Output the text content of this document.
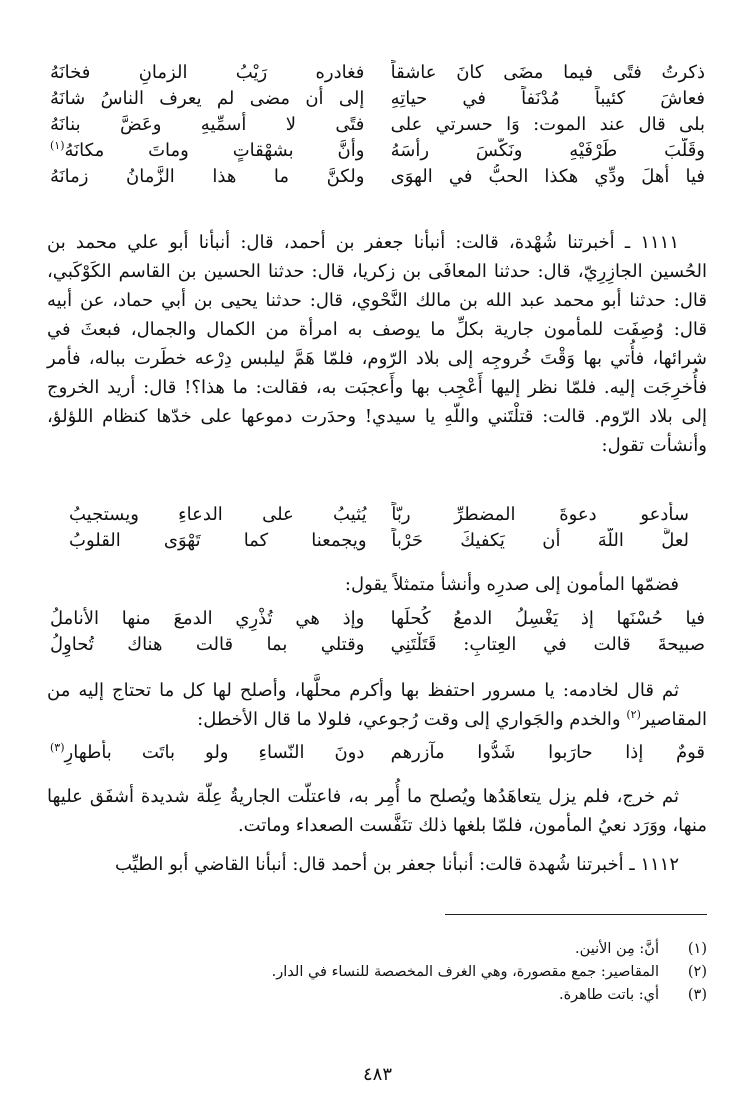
ذكرتُ فتًى فيما مضَى كانَ عاشقاً
فغادره رَيْبُ الزمانِ فخانَهُ
فعاشَ كئيباً مُدْنَفاً في حياتِهِ
إلى أن مضى لم يعرف الناسُ شانَهُ
بلى قال عند الموت: وَا حسرتي على
فتًى لا أسمِّيهِ وعَضَّ بنانَهُ
وقَلَّبَ طَرْفَيْهِ ونَكَّسَ رأسَهُ
وأنَّ بشهْقاتٍ وماتَ مكانَهُ$^{(١)}$
فيا أهلَ ودِّي هكذا الحبُّ في الهوَى
ولكنَّ ما هذا الزَّمانُ زمانَهُ

١١١١ ـ أخبرتنا شُهْدة، قالت: أنبأنا جعفر بن أحمد، قال: أنبأنا أبو علي محمد بن الحُسين الجازِرِيّ، قال: حدثنا المعافَى بن زكريا، قال: حدثنا الحسين بن القاسم الكَوْكَبي، قال: حدثنا أبو محمد عبد الله بن مالك النَّحْوي، قال: حدثنا يحيى بن أبي حماد، عن أبيه قال: وُصِفَت للمأمون جارية بكلِّ ما يوصف به امرأة من الكمال والجمال، فبعثَ في شرائها، فأُتي بها وَقْتَ خُروجِه إلى بلاد الرّوم، فلمّا هَمَّ ليلبس دِرْعه خطَرت بباله، فأمر فأُخرِجَت إليه. فلمّا نظر إليها أَعْجِب بها وأَعجبَت به، فقالت: ما هذا؟! قال: أريد الخروج إلى بلاد الرّوم. قالت: قتلْتَني واللّهِ يا سيدي! وحدَرت دموعها على خدّها كنظام اللؤلؤ، وأنشأت تقول:

سأدعو دعوةَ المضطرِّ ربّاً
يُثيبُ على الدعاءِ ويستجيبُ
لعلَّ اللّهَ أن يَكفيكَ حَرْباً
ويجمعنا كما تَهْوَى القلوبُ

فضمّها المأمون إلى صدرِه وأنشأ متمثلاً يقول:

فيا حُسْنَها إذ يَغْسِلُ الدمعُ كُحلَها
وإذ هي تُذْرِي الدمعَ منها الأناملُ
صبيحةَ قالت في العِتابِ: قَتَلْتَنِي
وقتلي بما قالت هناك تُحاوِلُ

ثم قال لخادمه: يا مسرور احتفظ بها وأكرم محلَّها، وأصلح لها كل ما تحتاج إليه من المقاصير$^{(٢)}$ والخدم والجَواري إلى وقت رُجوعي، فلولا ما قال الأخطل:

قومٌ إذا حارَبوا شَدُّوا مآزرهم
دونَ النّساءِ ولو باتَت بأطهارِ$^{(٣)}$

ثم خرج، فلم يزل يتعاهَدُها ويُصلح ما أُمِر به، فاعتلّت الجاريةُ عِلّة شديدة أشفَق عليها منها، ووَرَد نعيُ المأمون، فلمّا بلغها ذلك تنَفَّست الصعداء وماتت.

١١١٢ ـ أخبرتنا شُهدة قالت: أنبأنا جعفر بن أحمد قال: أنبأنا القاضي أبو الطيِّب

(١)
أنَّ: مِن الأنين.
(٢)
المقاصير: جمع مقصورة، وهي الغرف المخصصة للنساء في الدار.
(٣)
أي: باتت طاهرة.
٤٨٣
